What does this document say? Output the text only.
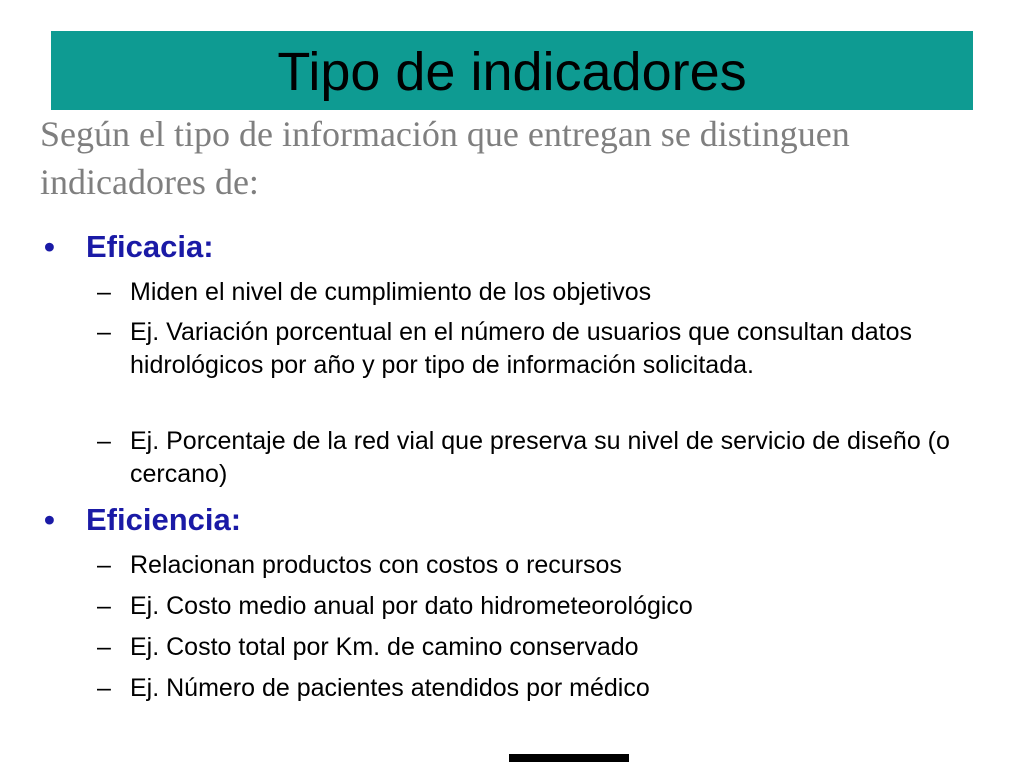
Tipo de indicadores
Según el tipo de información que entregan se distinguen indicadores de:
• Eficacia:
– Miden el nivel de cumplimiento de los objetivos
– Ej. Variación porcentual en el número de usuarios que consultan datos hidrológicos por año y por tipo de información solicitada.
– Ej. Porcentaje de la red vial que preserva su nivel de servicio de diseño (o cercano)
• Eficiencia:
– Relacionan productos con costos o recursos
– Ej. Costo medio anual por dato hidrometeorológico
– Ej. Costo total por Km. de camino conservado
– Ej. Número de pacientes atendidos por médico
